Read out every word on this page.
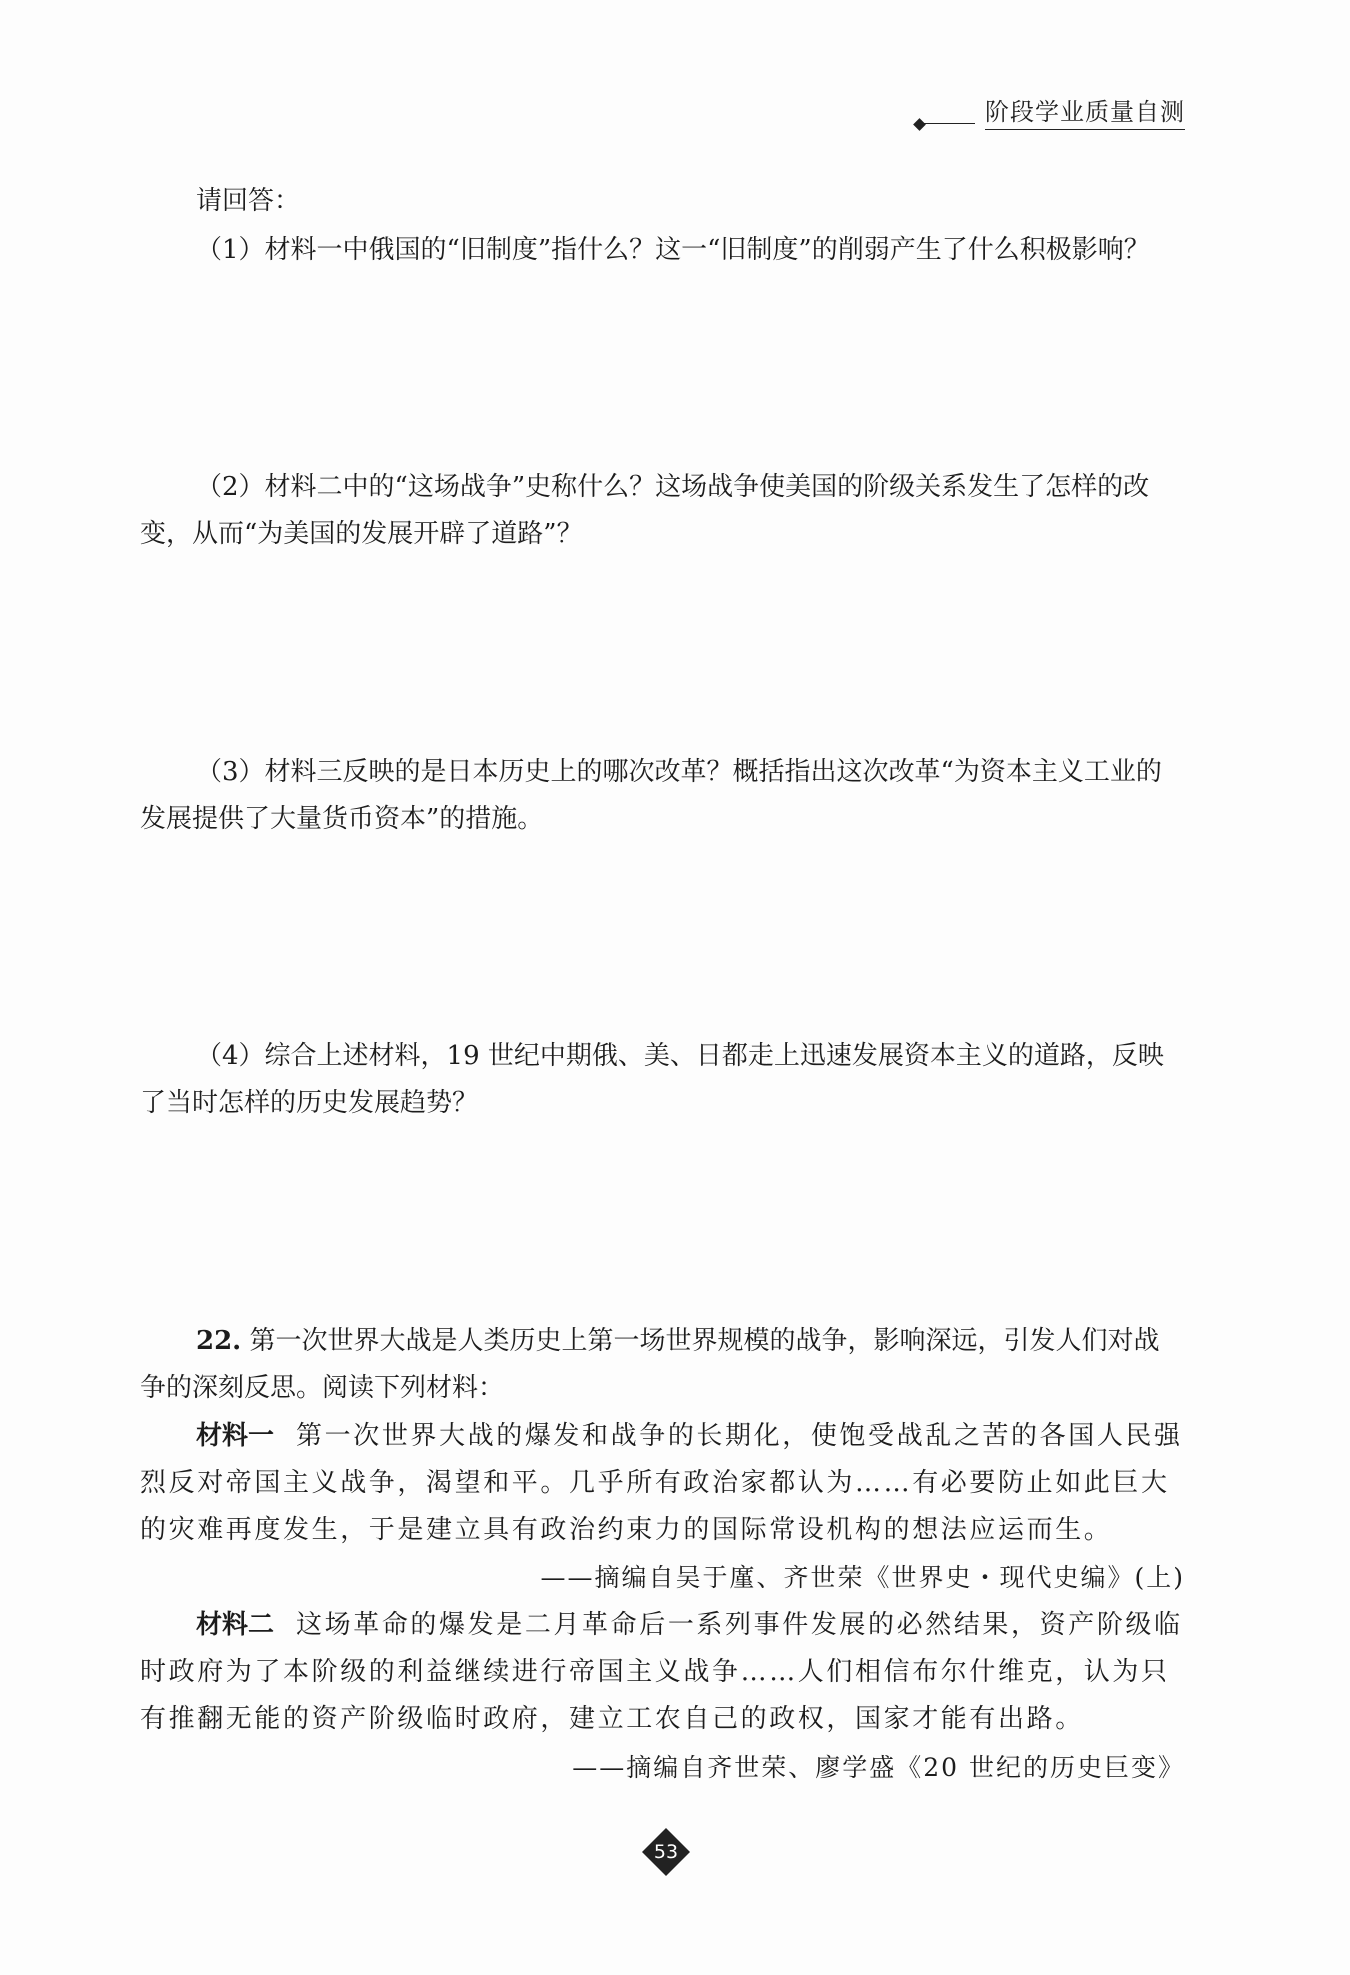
阶段学业质量自测
请回答：
（1）材料一中俄国的“旧制度”指什么？这一“旧制度”的削弱产生了什么积极影响？
（2）材料二中的“这场战争”史称什么？这场战争使美国的阶级关系发生了怎样的改变，从而“为美国的发展开辟了道路”？
（3）材料三反映的是日本历史上的哪次改革？概括指出这次改革“为资本主义工业的发展提供了大量货币资本”的措施。
（4）综合上述材料，19 世纪中期俄、美、日都走上迅速发展资本主义的道路，反映了当时怎样的历史发展趋势？
22. 第一次世界大战是人类历史上第一场世界规模的战争，影响深远，引发人们对战争的深刻反思。阅读下列材料：
材料一 第一次世界大战的爆发和战争的长期化，使饱受战乱之苦的各国人民强烈反对帝国主义战争，渴望和平。几乎所有政治家都认为……有必要防止如此巨大的灾难再度发生，于是建立具有政治约束力的国际常设机构的想法应运而生。
——摘编自吴于廑、齐世荣《世界史・现代史编》(上)
材料二 这场革命的爆发是二月革命后一系列事件发展的必然结果，资产阶级临时政府为了本阶级的利益继续进行帝国主义战争……人们相信布尔什维克，认为只有推翻无能的资产阶级临时政府，建立工农自己的政权，国家才能有出路。
——摘编自齐世荣、廖学盛《20 世纪的历史巨变》
53
